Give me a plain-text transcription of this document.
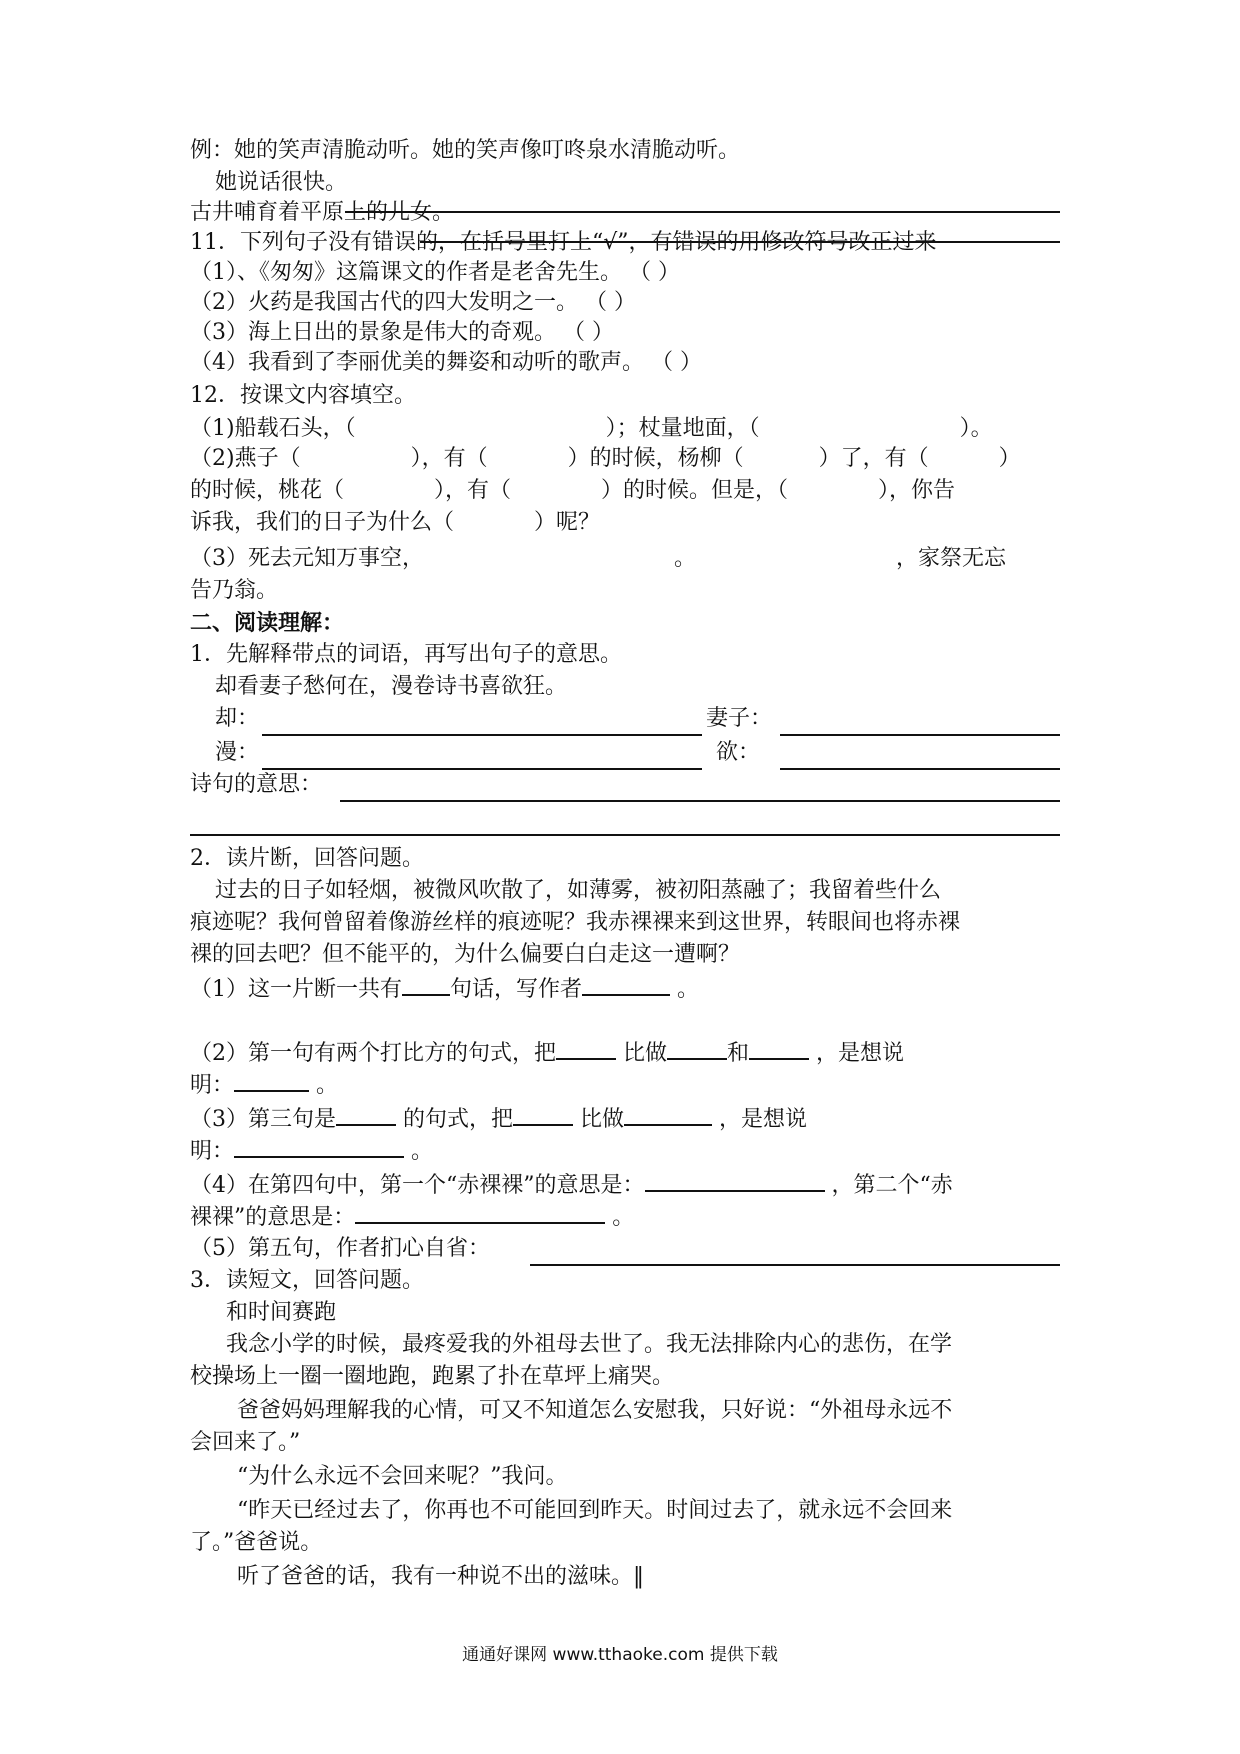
例：她的笑声清脆动听。她的笑声像叮咚泉水清脆动听。
她说话很快。
古井哺育着平原上的儿女。
11．下列句子没有错误的，在括号里打上“√”，有错误的用修改符号改正过来
（1）、《匆匆》这篇课文的作者是老舍先生。 （ ）
（2）火药是我国古代的四大发明之一。 （ ）
（3）海上日出的景象是伟大的奇观。 （ ）
（4）我看到了李丽优美的舞姿和动听的歌声。 （ ）
12．按课文内容填空。
（1)船载石头，（	）；杖量地面，（	）。
（2)燕子（	），有（	）的时候，杨柳（	）了，有（	）
的时候，桃花（	），有（	）的时候。但是，（	），你告
诉我，我们的日子为什么（	）呢？
（3）死去元知万事空，	。	，家祭无忘
告乃翁。
二、阅读理解：
1．先解释带点的词语，再写出句子的意思。
却看妻子愁何在，漫卷诗书喜欲狂。
却：	妻子：
漫：	欲：
诗句的意思：
2．读片断，回答问题。
过去的日子如轻烟，被微风吹散了，如薄雾，被初阳蒸融了；我留着些什么
痕迹呢？我何曾留着像游丝样的痕迹呢？我赤裸裸来到这世界，转眼间也将赤裸
裸的回去吧？但不能平的，为什么偏要白白走这一遭啊？
（1）这一片断一共有 句话，写作者	。
（2）第一句有两个打比方的句式，把	比做	和	，是想说
明：	。
（3）第三句是	的句式，把	比做	，是想说
明：	。
（4）在第四句中，第一个“赤裸裸”的意思是：	，第二个“赤
裸裸”的意思是：	。
（5）第五句，作者扪心自省：
3．读短文，回答问题。
和时间赛跑
我念小学的时候，最疼爱我的外祖母去世了。我无法排除内心的悲伤，在学
校操场上一圈一圈地跑，跑累了扑在草坪上痛哭。
爸爸妈妈理解我的心情，可又不知道怎么安慰我，只好说：“外祖母永远不
会回来了。”
“为什么永远不会回来呢？”我问。
“昨天已经过去了，你再也不可能回到昨天。时间过去了，就永远不会回来
了。”爸爸说。
听了爸爸的话，我有一种说不出的滋味。‖
通通好课网 www.tthaoke.com 提供下载
